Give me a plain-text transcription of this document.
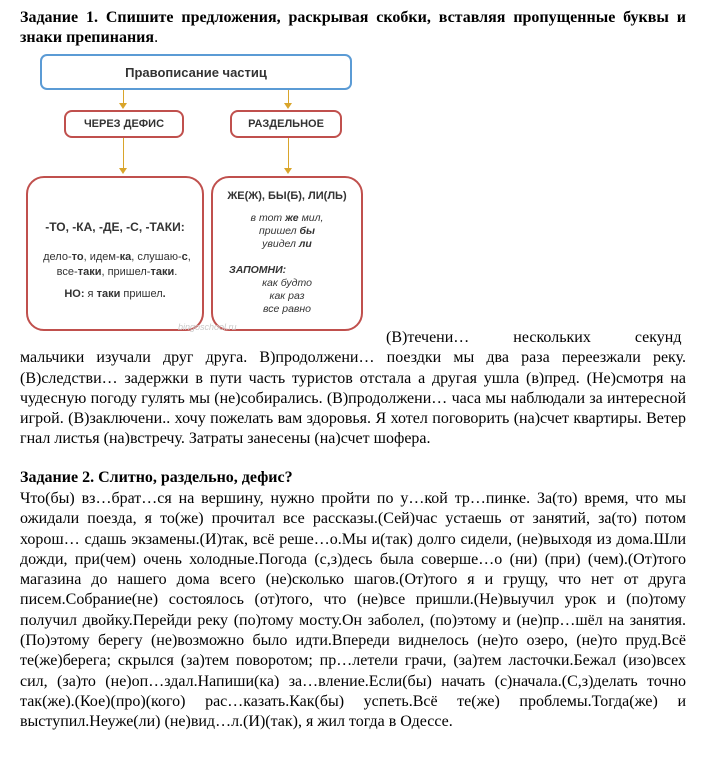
Задание 1. Спишите предложения, раскрывая скобки, вставляя пропущенные буквы и знаки препинания.

Правописание частиц
ЧЕРЕЗ ДЕФИС	РАЗДЕЛЬНОЕ
-ТО, -КА, -ДЕ, -С, -ТАКИ:
дело-то, идем-ка, слушаю-с,
все-таки, пришел-таки.
НО: я таки пришел.
ЖЕ(Ж), БЫ(Б), ЛИ(ЛЬ)
в тот же мил,
пришел бы
увидел ли
ЗАПОМНИ:
как будто
как раз
все равно
bingoschool.ru
(В)течени…           нескольких           секунд
мальчики изучали друг друга. В)продолжени… поездки мы два раза переезжали реку. (В)следстви… задержки в пути часть туристов отстала а другая ушла (в)пред. (Не)смотря на чудесную погоду гулять мы (не)собирались. (В)продолжени… часа мы наблюдали за интересной игрой. (В)заключени.. хочу пожелать вам здоровья. Я хотел поговорить (на)счет квартиры. Ветер гнал листья (на)встречу. Затраты занесены (на)счет шофера.

Задание 2. Слитно, раздельно, дефис?

Что(бы) вз…брат…ся на вершину, нужно пройти по у…кой тр…пинке. За(то) время, что мы ожидали поезда, я то(же) прочитал все рассказы.(Сей)час устаешь от занятий, за(то) потом хорош… сдашь экзамены.(И)так, всё реше…о.Мы и(так) долго сидели, (не)выходя из дома.Шли дожди, при(чем) очень холодные.Погода (с,з)десь была соверше…о (ни) (при) (чем).(От)того магазина до нашего дома всего (не)сколько шагов.(От)того я и грущу, что нет от друга писем.Собрание(не) состоялось (от)того, что (не)все пришли.(Не)выучил урок и (по)тому получил двойку.Перейди реку (по)тому мосту.Он заболел, (по)этому и (не)пр…шёл на занятия.(По)этому берегу (не)возможно было идти.Впереди виднелось (не)то озеро, (не)то пруд.Всё те(же)берега; скрылся (за)тем поворотом; пр…летели грачи, (за)тем ласточки.Бежал (изо)всех сил, (за)то (не)оп…здал.Напиши(ка) за…вление.Если(бы) начать (с)начала.(С,з)делать точно так(же).(Кое)(про)(кого) рас…казать.Как(бы) успеть.Всё те(же) проблемы.Тогда(же) и выступил.Неуже(ли) (не)вид…л.(И)(так), я жил тогда в Одессе.
